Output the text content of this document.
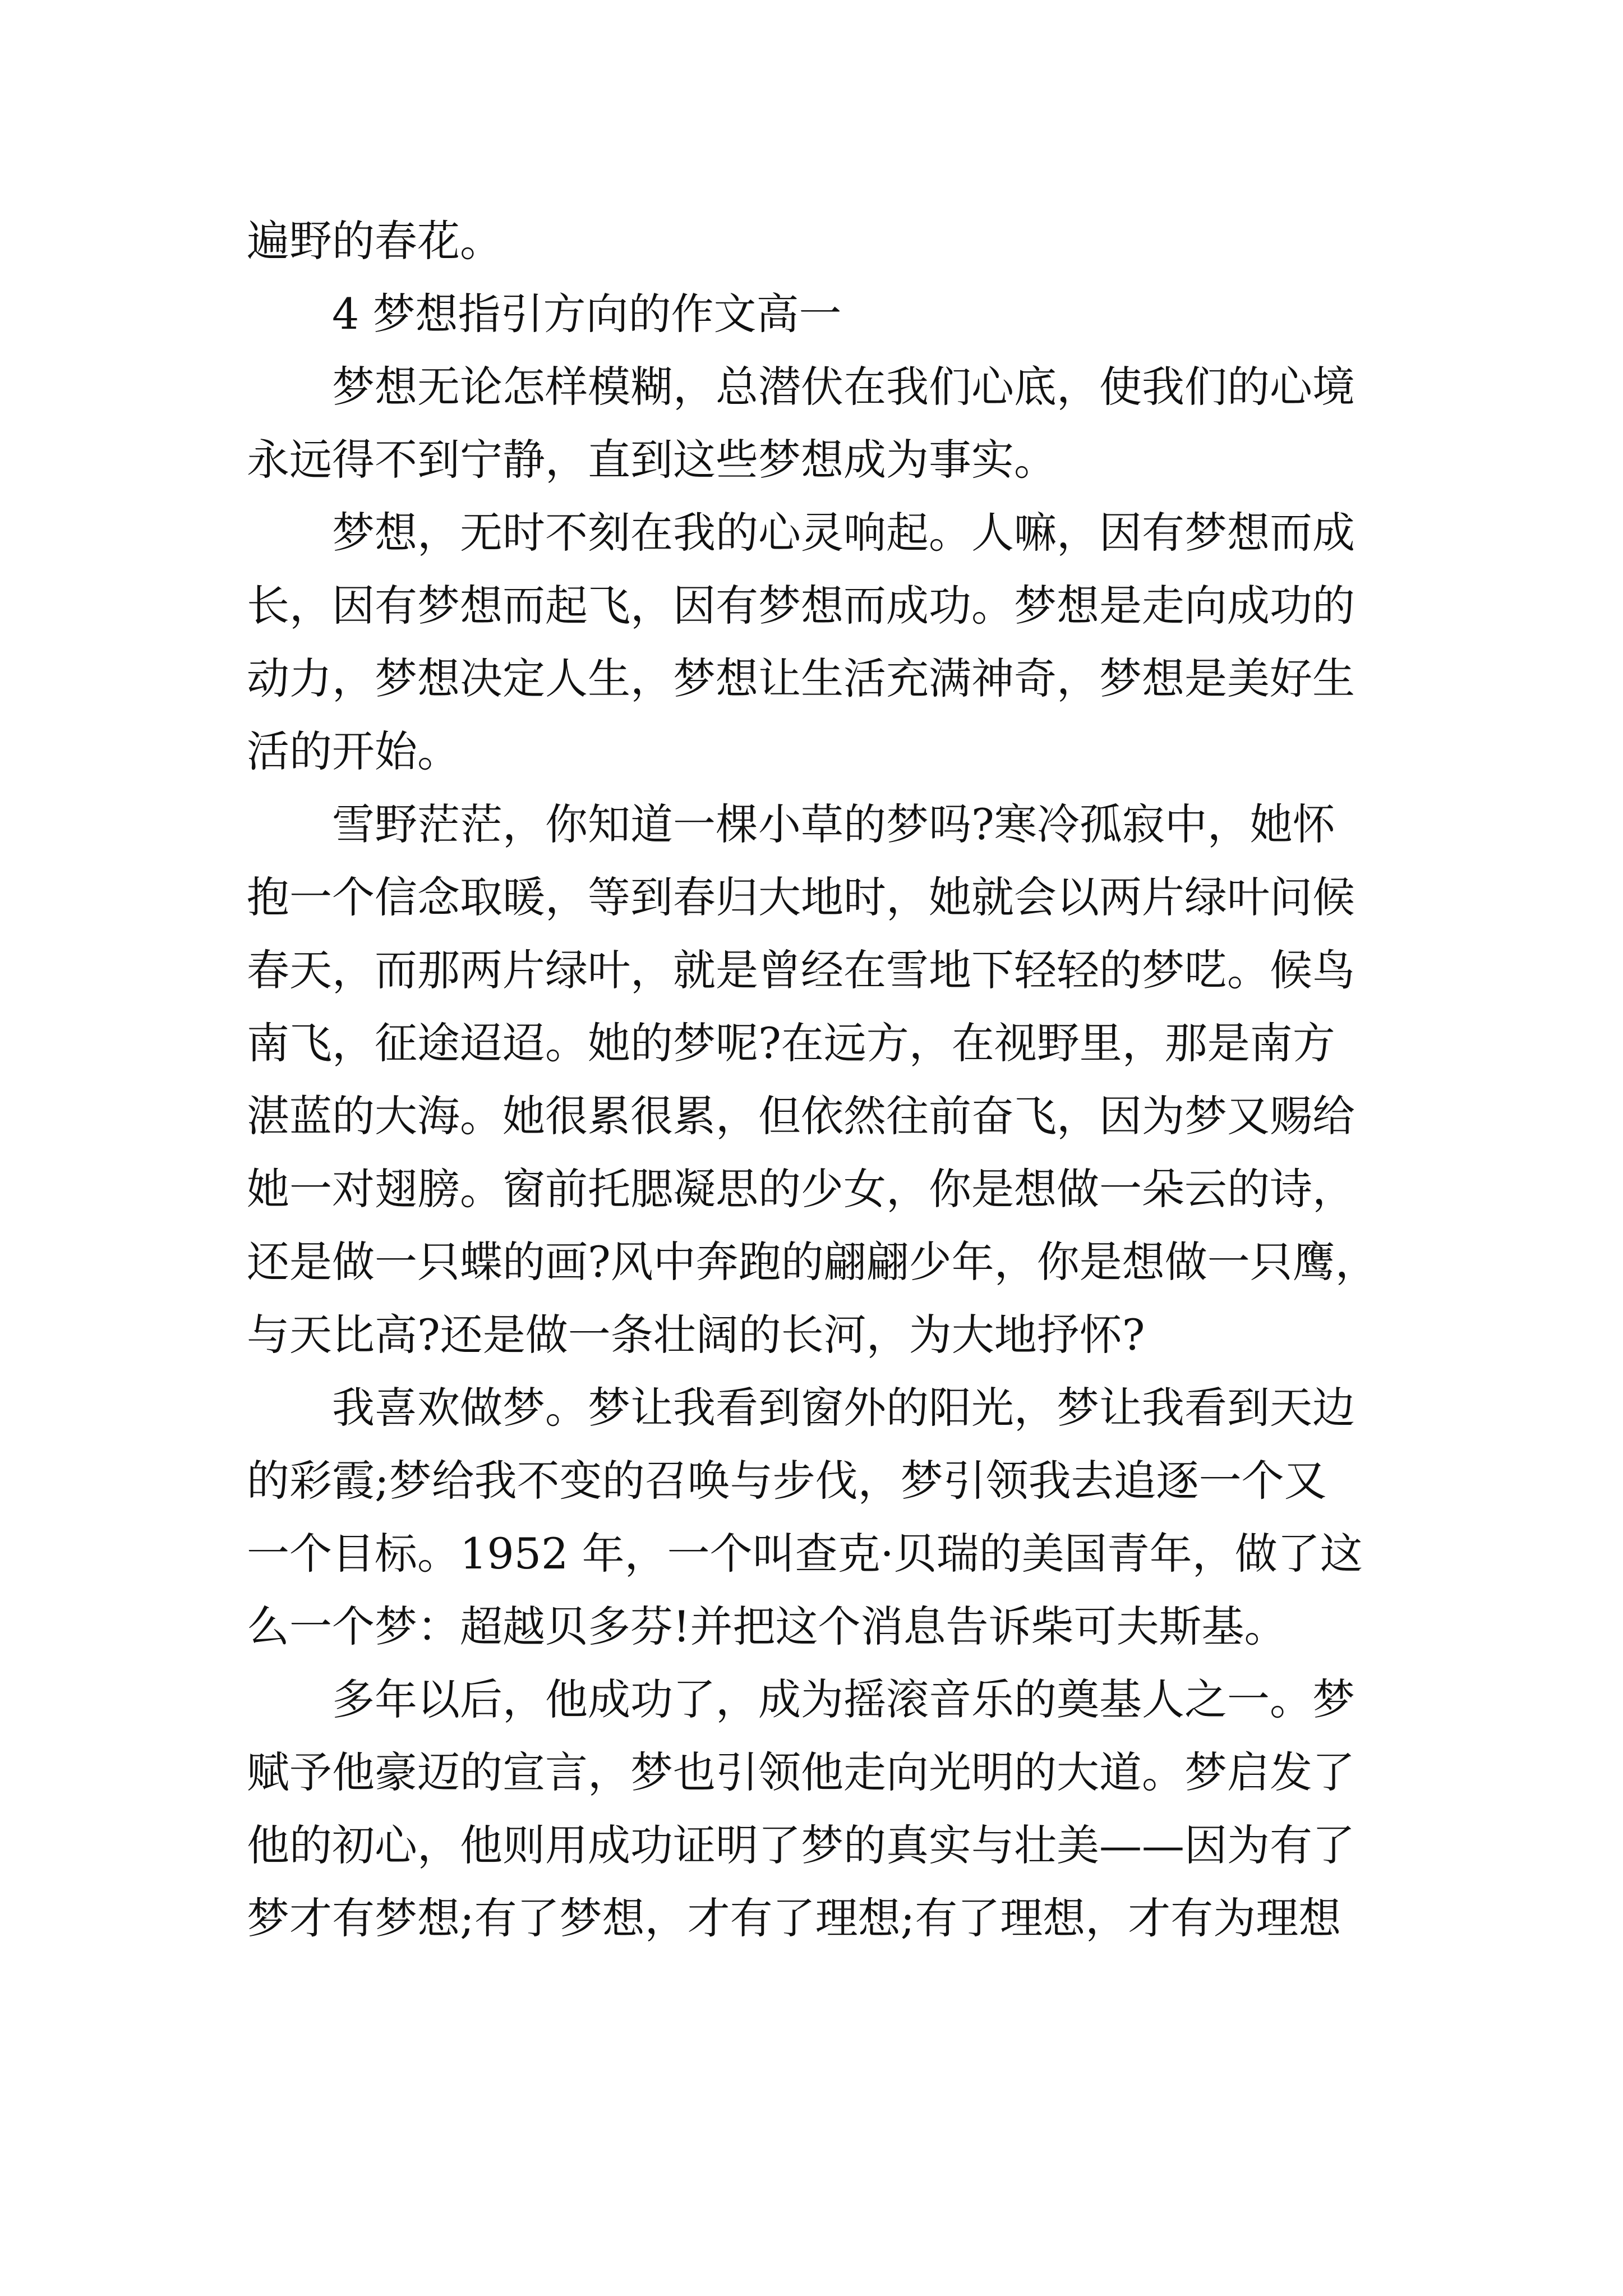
遍野的春花。

4 梦想指引方向的作文高一

梦想无论怎样模糊，总潜伏在我们心底，使我们的心境
永远得不到宁静，直到这些梦想成为事实。

梦想，无时不刻在我的心灵响起。人嘛，因有梦想而成
长，因有梦想而起飞，因有梦想而成功。梦想是走向成功的
动力，梦想决定人生，梦想让生活充满神奇，梦想是美好生
活的开始。

雪野茫茫，你知道一棵小草的梦吗?寒冷孤寂中，她怀
抱一个信念取暖，等到春归大地时，她就会以两片绿叶问候
春天，而那两片绿叶，就是曾经在雪地下轻轻的梦呓。候鸟
南飞，征途迢迢。她的梦呢?在远方，在视野里，那是南方
湛蓝的大海。她很累很累，但依然往前奋飞，因为梦又赐给
她一对翅膀。窗前托腮凝思的少女，你是想做一朵云的诗，
还是做一只蝶的画?风中奔跑的翩翩少年，你是想做一只鹰，
与天比高?还是做一条壮阔的长河，为大地抒怀?

我喜欢做梦。梦让我看到窗外的阳光，梦让我看到天边
的彩霞;梦给我不变的召唤与步伐，梦引领我去追逐一个又
一个目标。1952 年，一个叫查克·贝瑞的美国青年，做了这
么一个梦：超越贝多芬!并把这个消息告诉柴可夫斯基。

多年以后，他成功了，成为摇滚音乐的奠基人之一。梦
赋予他豪迈的宣言，梦也引领他走向光明的大道。梦启发了
他的初心，他则用成功证明了梦的真实与壮美——因为有了
梦才有梦想;有了梦想，才有了理想;有了理想，才有为理想
